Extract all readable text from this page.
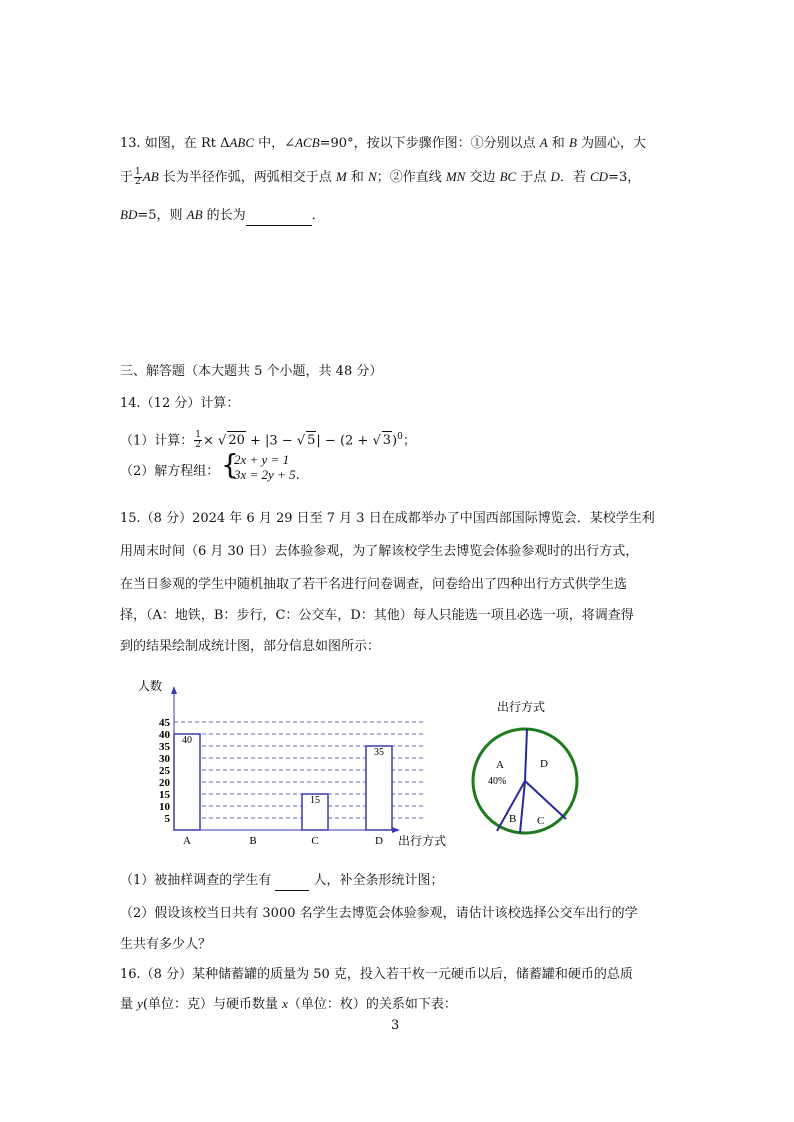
13. 如图，在 Rt ΔABC 中，∠ACB=90°，按以下步骤作图：①分别以点 A 和 B 为圆心，大
于 $\frac{1}{2}$ AB 长为半径作弧，两弧相交于点 M 和 N；②作直线 MN 交边 BC 于点 D．若 CD=3，
BD=5，则 AB 的长为	．
三、解答题（本大题共 5 个小题，共 48 分）
14.（12 分）计算：
（1）计算： $\frac{1}{2}$ × √ 20 + |3 − √ 5| − (2 + √ 3)$^0$；
（2）解方程组： {
2x + y = 1
3x = 2y + 5.
15.（8 分）2024 年 6 月 29 日至 7 月 3 日在成都举办了中国西部国际博览会．某校学生利
用周末时间（6 月 30 日）去体验参观，为了解该校学生去博览会体验参观时的出行方式，
在当日参观的学生中随机抽取了若干名进行问卷调查，问卷给出了四种出行方式供学生选
择，（A：地铁，B：步行，C：公交车，D：其他）每人只能选一项且必选一项，将调查得
到的结果绘制成统计图，部分信息如图所示：
人数
5
10
15
20
25
30
35
40
45
40
15
35
A	B	C	D 出行方式
出行方式
A
40%
B C
D
（1）被抽样调查的学生有	人，补全条形统计图；
（2）假设该校当日共有 3000 名学生去博览会体验参观，请估计该校选择公交车出行的学
生共有多少人？
16.（8 分）某种储蓄罐的质量为 50 克，投入若干枚一元硬币以后，储蓄罐和硬币的总质
量 y(单位：克）与硬币数量 x（单位：枚）的关系如下表：
3
